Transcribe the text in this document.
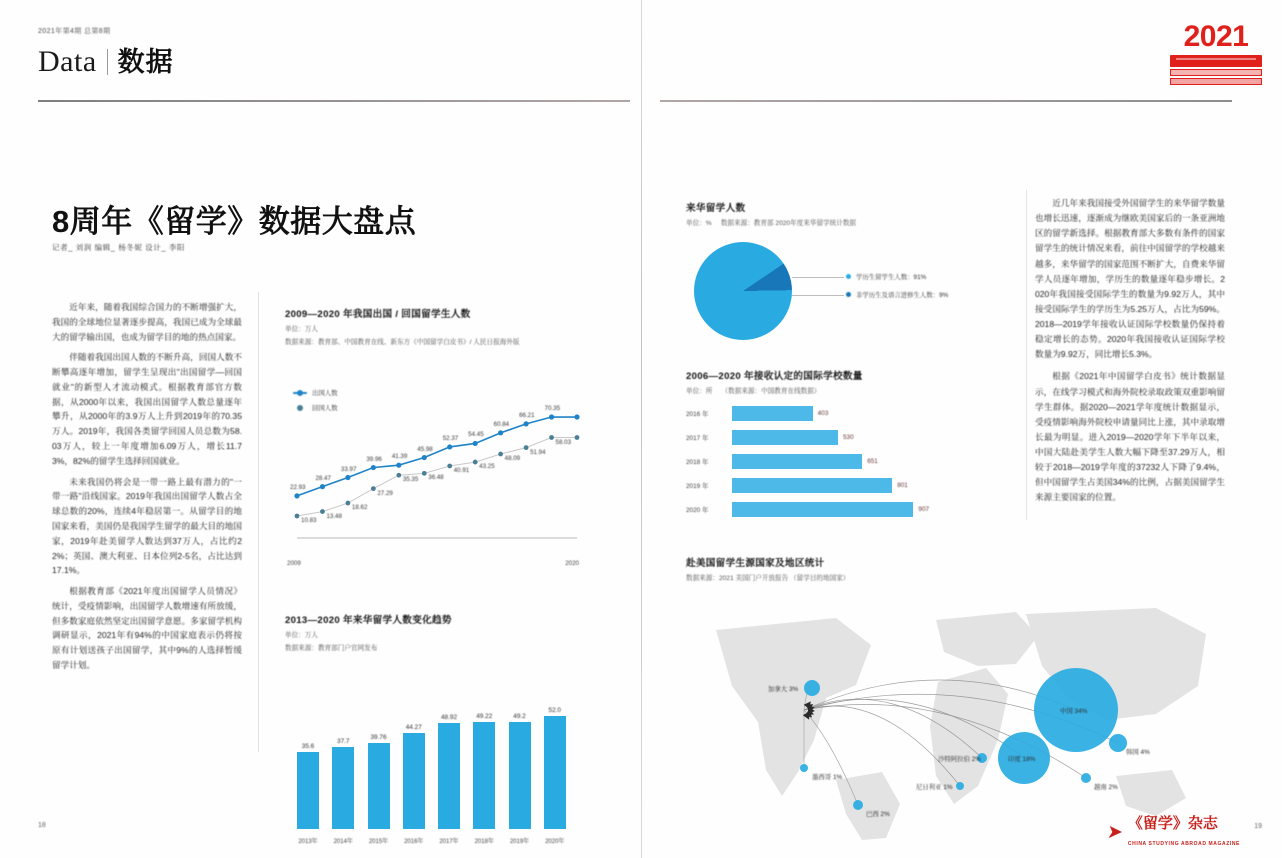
2021年第4期 总第8期
Data 数据
2021
8周年《留学》数据大盘点
记者_ 刘润 编辑_ 杨冬妮 设计_ 李阳

近年来，随着我国综合国力的不断增强扩大，我国的全球地位显著逐步提高，我国已成为全球最大的留学输出国，也成为留学目的地的热点国家。

伴随着我国出国人数的不断升高，回国人数不断攀高逐年增加，留学生呈现出"出国留学—回国就业"的新型人才流动模式。根据教育部官方数据，从2000年以来，我国出国留学人数总量逐年攀升，从2000年的3.9万人上升到2019年的70.35万人。2019年，我国各类留学回国人员总数为58.03万人，较上一年度增加6.09万人，增长11.73%，82%的留学生选择回国就业。

未来我国仍将会是一带一路上最有潜力的"一带一路"沿线国家。2019年我国出国留学人数占全球总数的20%，连续4年稳居第一。从留学目的地国家来看，美国仍是我国学生留学的最大目的地国家，2019年赴美留学人数达到37万人，占比约22%；英国、澳大利亚、日本位列2-5名，占比达到17.1%。

根据教育部《2021年度出国留学人员情况》统计，受疫情影响，出国留学人数增速有所放缓，但多数家庭依然坚定出国留学意愿。多家留学机构调研显示，2021年有94%的中国家庭表示仍将按原有计划送孩子出国留学，其中9%的人选择暂缓留学计划。

2009—2020 年我国出国 / 回国留学生人数
单位：万人
数据来源：教育部、中国教育在线、新东方《中国留学白皮书》/ 人民日报海外版
出国人数
回国人数
2009	2020
22.93
28.47
33.97
39.96 41.39
45.98
52.37 54.45
60.84
66.21
70.35
10.83
13.48
18.62
27.29
35.35 36.48
40.91
43.25
48.09
51.94
58.03
2013—2020 年来华留学人数变化趋势
单位：万人
数据来源：教育部门户官网发布
35.6
2013年
37.7
2014年
39.76
2015年
44.27
2016年
48.92
2017年
49.22
2018年
49.2
2019年
52.0
2020年
来华留学人数
单位：% 数据来源：教育部 2020年度来华留学统计数据
学历生留学生人数：91%
非学历生及语言进修生人数：9%
2006—2020 年接收认定的国际学校数量
单位：所 （数据来源：中国教育在线数据）
2016 年	403
2017 年	530
2018 年	651
2019 年	801
2020 年	907
赴美国留学生源国家及地区统计
数据来源：2021 美国门户开放报告 （留学目的地国家）
中国 34%
印度 18%
韩国 4%
越南 2%
加拿大 3%
沙特阿拉伯 2%
尼日利亚 1%
墨西哥 1%
巴西 2%

近几年来我国接受外国留学生的来华留学数量也增长迅速，逐渐成为继欧美国家后的一条亚洲地区的留学新选择。根据教育部大多数有条件的国家留学生的统计情况来看，前往中国留学的学校越来越多，来华留学的国家范围不断扩大，自费来华留学人员逐年增加，学历生的数量逐年稳步增长。2020年我国接受国际学生的数量为9.92万人，其中接受国际学生的学历生为5.25万人，占比为59%。2018—2019学年接收认证国际学校数量仍保持着稳定增长的态势。2020年我国接收认证国际学校数量为9.92万，同比增长5.3%。

根据《2021年中国留学白皮书》统计数据显示，在线学习模式和海外院校录取政策双重影响留学生群体。据2020—2021学年度统计数据显示，受疫情影响海外院校申请量同比上涨，其中录取增长最为明显。进入2019—2020学年下半年以来，中国大陆赴美学生人数大幅下降至37.29万人，相较于2018—2019学年度的37232人下降了9.4%，但中国留学生占美国34%的比例，占据美国留学生来源主要国家的位置。

18	19
➤ 《留学》杂志
CHINA STUDYING ABROAD MAGAZINE
